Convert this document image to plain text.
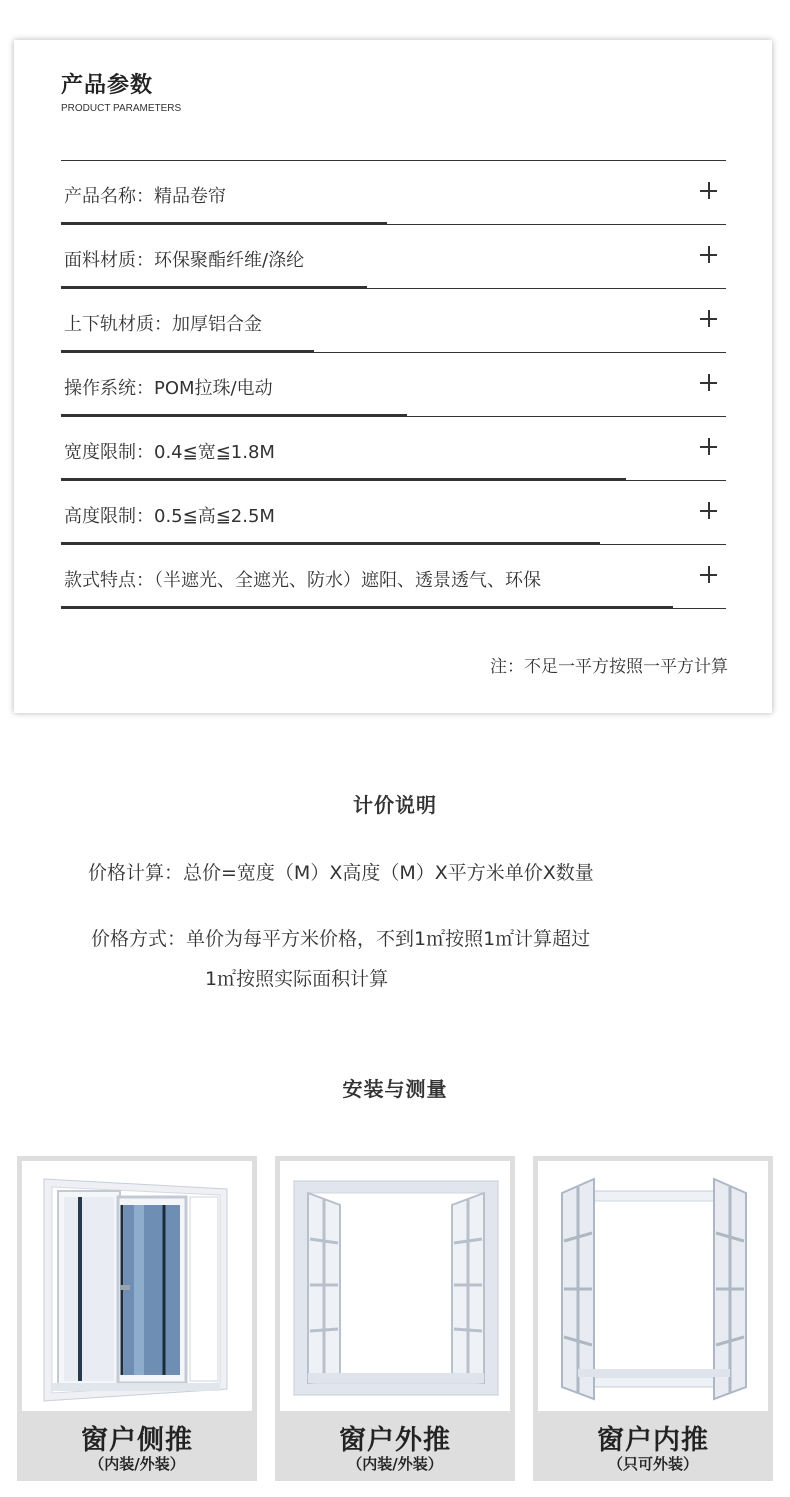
产品参数
PRODUCT PARAMETERS
产品名称：精品卷帘
面料材质：环保聚酯纤维/涤纶
上下轨材质：加厚铝合金
操作系统：POM拉珠/电动
宽度限制：0.4≦宽≦1.8M
高度限制：0.5≦高≦2.5M
款式特点：（半遮光、全遮光、防水）遮阳、透景透气、环保
注：不足一平方按照一平方计算
计价说明
价格计算：总价=宽度（M）X高度（M）X平方米单价X数量
价格方式：单价为每平方米价格，不到1㎡按照1㎡计算超过
1㎡按照实际面积计算
安装与测量
窗户侧推
（内装/外装）
窗户外推
（内装/外装）
窗户内推
（只可外装）
